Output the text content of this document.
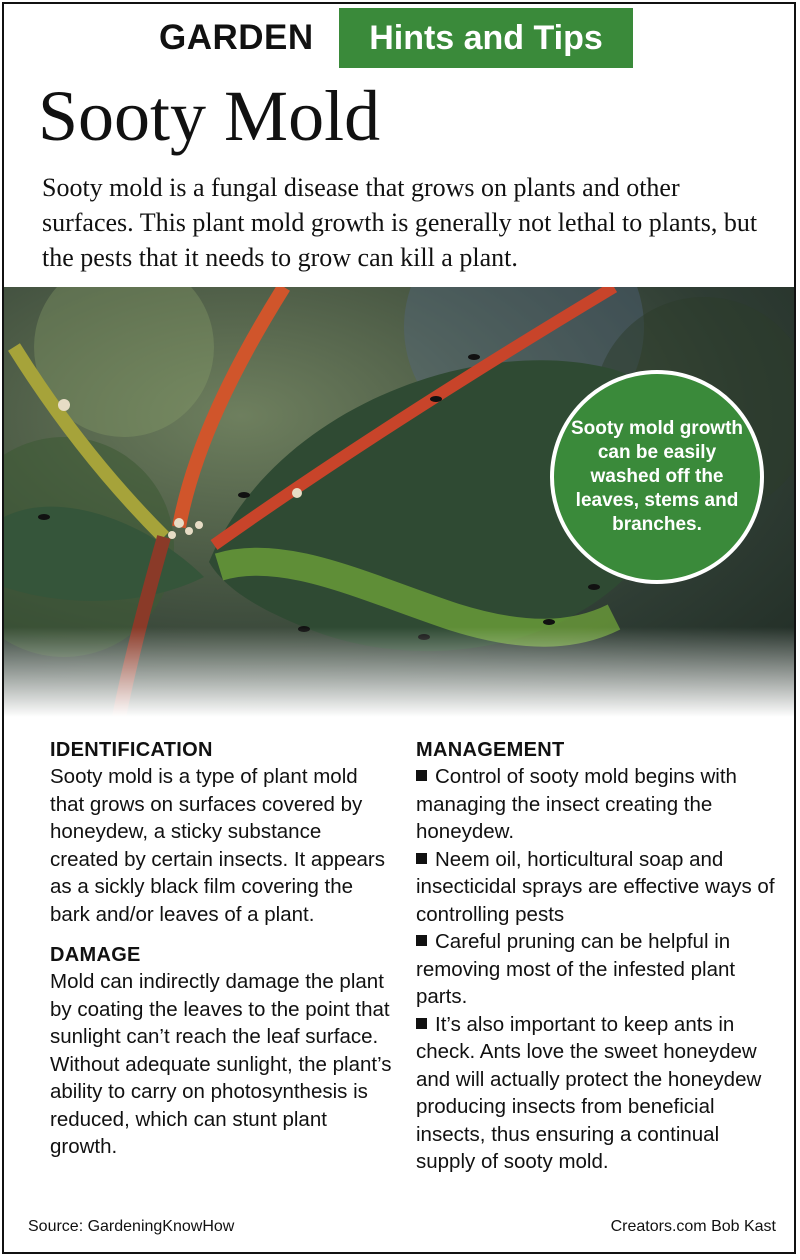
GARDEN	Hints and Tips
Sooty Mold
Sooty mold is a fungal disease that grows on plants and other surfaces. This plant mold growth is generally not lethal to plants, but the pests that it needs to grow can kill a plant.
Sooty mold growth can be easily washed off the leaves, stems and branches.

IDENTIFICATION

Sooty mold is a type of plant mold that grows on surfaces covered by honeydew, a sticky substance created by certain insects. It appears as a sickly black film covering the bark and/or leaves of a plant.

DAMAGE

Mold can indirectly damage the plant by coating the leaves to the point that sunlight can’t reach the leaf surface. Without adequate sunlight, the plant’s ability to carry on photosynthesis is reduced, which can stunt plant growth.

MANAGEMENT

Control of sooty mold begins with managing the insect creating the honeydew.

Neem oil, horticultural soap and insecticidal sprays are effective ways of controlling pests

Careful pruning can be helpful in removing most of the infested plant parts.

It’s also important to keep ants in check. Ants love the sweet honeydew and will actually protect the honeydew producing insects from beneficial insects, thus ensuring a continual supply of sooty mold.

Source: GardeningKnowHow	Creators.com Bob Kast
